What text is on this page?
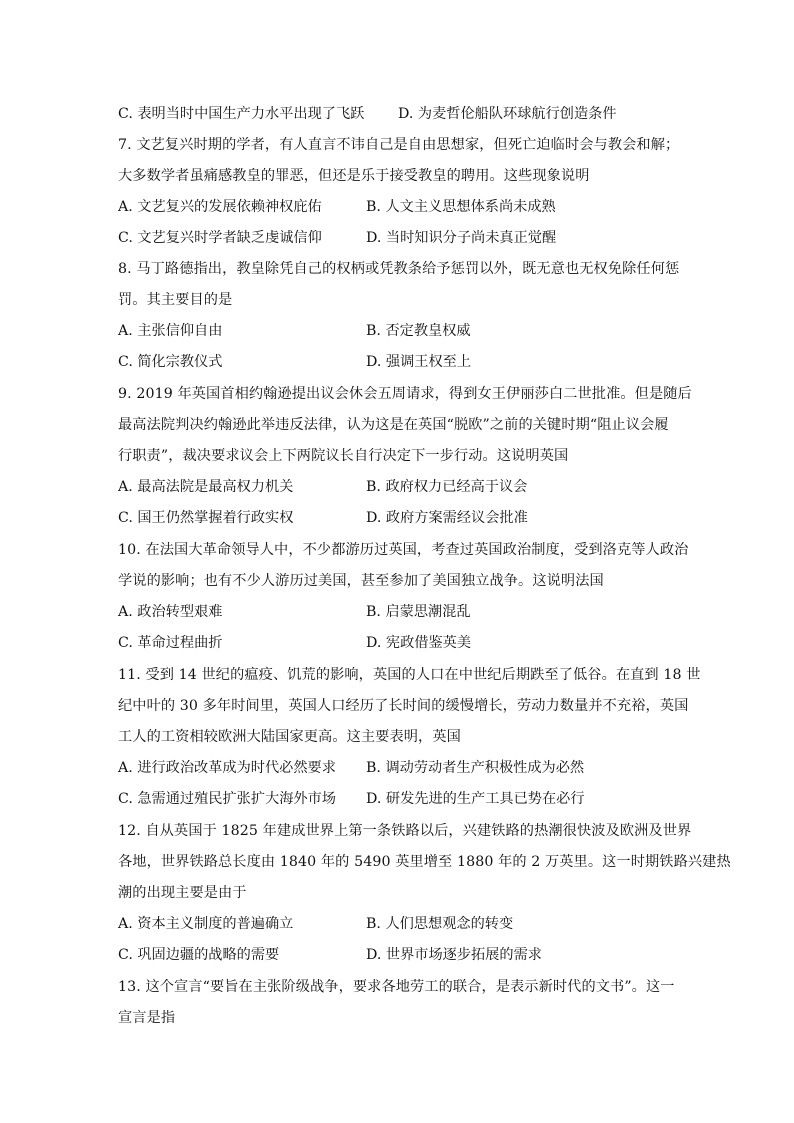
C. 表明当时中国生产力水平出现了飞跃 D. 为麦哲伦船队环球航行创造条件
7. 文艺复兴时期的学者，有人直言不讳自己是自由思想家，但死亡迫临时会与教会和解；
大多数学者虽痛感教皇的罪恶，但还是乐于接受教皇的聘用。这些现象说明
A. 文艺复兴的发展依赖神权庇佑	B. 人文主义思想体系尚未成熟
C. 文艺复兴时学者缺乏虔诚信仰	D. 当时知识分子尚未真正觉醒
8. 马丁路德指出，教皇除凭自己的权柄或凭教条给予惩罚以外，既无意也无权免除任何惩
罚。其主要目的是
A. 主张信仰自由	B. 否定教皇权威
C. 简化宗教仪式	D. 强调王权至上
9. 2019 年英国首相约翰逊提出议会休会五周请求，得到女王伊丽莎白二世批准。但是随后
最高法院判决约翰逊此举违反法律，认为这是在英国“脱欧”之前的关键时期“阻止议会履
行职责”，裁决要求议会上下两院议长自行决定下一步行动。这说明英国
A. 最高法院是最高权力机关	B. 政府权力已经高于议会
C. 国王仍然掌握着行政实权	D. 政府方案需经议会批准
10. 在法国大革命领导人中，不少都游历过英国，考查过英国政治制度，受到洛克等人政治
学说的影响；也有不少人游历过美国，甚至参加了美国独立战争。这说明法国
A. 政治转型艰难	B. 启蒙思潮混乱
C. 革命过程曲折	D. 宪政借鉴英美
11. 受到 14 世纪的瘟疫、饥荒的影响，英国的人口在中世纪后期跌至了低谷。在直到 18 世
纪中叶的 30 多年时间里，英国人口经历了长时间的缓慢增长，劳动力数量并不充裕，英国
工人的工资相较欧洲大陆国家更高。这主要表明，英国
A. 进行政治改革成为时代必然要求 B. 调动劳动者生产积极性成为必然
C. 急需通过殖民扩张扩大海外市场 D. 研发先进的生产工具已势在必行
12. 自从英国于 1825 年建成世界上第一条铁路以后，兴建铁路的热潮很快波及欧洲及世界
各地，世界铁路总长度由 1840 年的 5490 英里增至 1880 年的 2 万英里。这一时期铁路兴建热
潮的出现主要是由于
A. 资本主义制度的普遍确立	B. 人们思想观念的转变
C. 巩固边疆的战略的需要	D. 世界市场逐步拓展的需求
13. 这个宣言“要旨在主张阶级战争，要求各地劳工的联合，是表示新时代的文书”。这一
宣言是指
